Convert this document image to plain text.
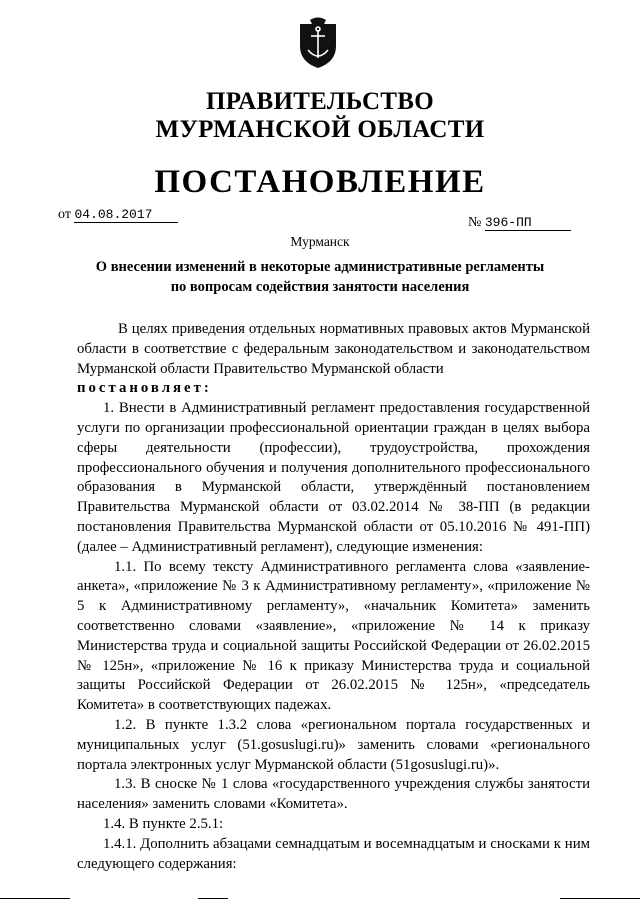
ПРАВИТЕЛЬСТВО
МУРМАНСКОЙ ОБЛАСТИ
ПОСТАНОВЛЕНИЕ
от 04.08.2017
№ 396-ПП
Мурманск
О внесении изменений в некоторые административные регламенты
по вопросам содействия занятости населения

В целях приведения отдельных нормативных правовых актов Мурманской области в соответствие с федеральным законодательством и законодательством Мурманской области Правительство Мурманской области

постановляет:

1. Внести в Административный регламент предоставления государственной услуги по организации профессиональной ориентации граждан в целях выбора сферы деятельности (профессии), трудоустройства, прохождения профессионального обучения и получения дополнительного профессионального образования в Мурманской области, утверждённый постановлением Правительства Мурманской области от 03.02.2014 № 38-ПП (в редакции постановления Правительства Мурманской области от 05.10.2016 № 491-ПП) (далее – Административный регламент), следующие изменения:

1.1. По всему тексту Административного регламента слова «заявление-анкета», «приложение № 3 к Административному регламенту», «приложение № 5 к Административному регламенту», «начальник Комитета» заменить соответственно словами «заявление», «приложение № 14 к приказу Министерства труда и социальной защиты Российской Федерации от 26.02.2015 № 125н», «приложение № 16 к приказу Министерства труда и социальной защиты Российской Федерации от 26.02.2015 № 125н», «председатель Комитета» в соответствующих падежах.

1.2. В пункте 1.3.2 слова «региональном портала государственных и муниципальных услуг (51.gosuslugi.ru)» заменить словами «регионального портала электронных услуг Мурманской области (51gosuslugi.ru)».

1.3. В сноске № 1 слова «государственного учреждения службы занятости населения» заменить словами «Комитета».

1.4. В пункте 2.5.1:

1.4.1. Дополнить абзацами семнадцатым и восемнадцатым и сносками к ним следующего содержания:
